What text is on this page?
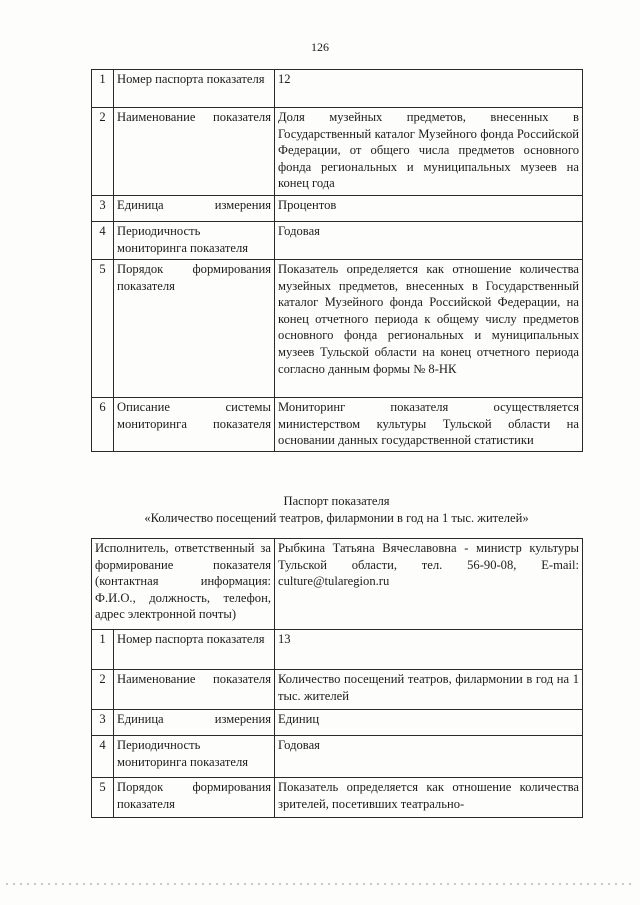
126
1	Номер паспорта показателя	12
2	Наименование показателя	Доля музейных предметов, внесенных в Государственный каталог Музейного фонда Российской Федерации, от общего числа предметов основного фонда региональных и муниципальных музеев на конец года
3	Единица измерения	Процентов
4	Периодичность мониторинга показателя	Годовая
5	Порядок формирования показателя	Показатель определяется как отношение количества музейных предметов, внесенных в Государственный каталог Музейного фонда Российской Федерации, на конец отчетного периода к общему числу предметов основного фонда региональных и муниципальных музеев Тульской области на конец отчетного периода согласно данным формы № 8-НК
6	Описание системы мониторинга показателя	Мониторинг показателя осуществляется министерством культуры Тульской области на основании данных государственной статистики
Паспорт показателя
«Количество посещений театров, филармонии в год на 1 тыс. жителей»
Исполнитель, ответственный за формирование показателя (контактная информация: Ф.И.О., должность, телефон, адрес электронной почты)		Рыбкина Татьяна Вячеславовна - министр культуры Тульской области, тел. 56-90-08, E-mail: culture@tularegion.ru
1	Номер паспорта показателя	13
2	Наименование показателя	Количество посещений театров, филармонии в год на 1 тыс. жителей
3	Единица измерения	Единиц
4	Периодичность мониторинга показателя	Годовая
5	Порядок формирования показателя	Показатель определяется как отношение количества зрителей, посетивших театрально-
